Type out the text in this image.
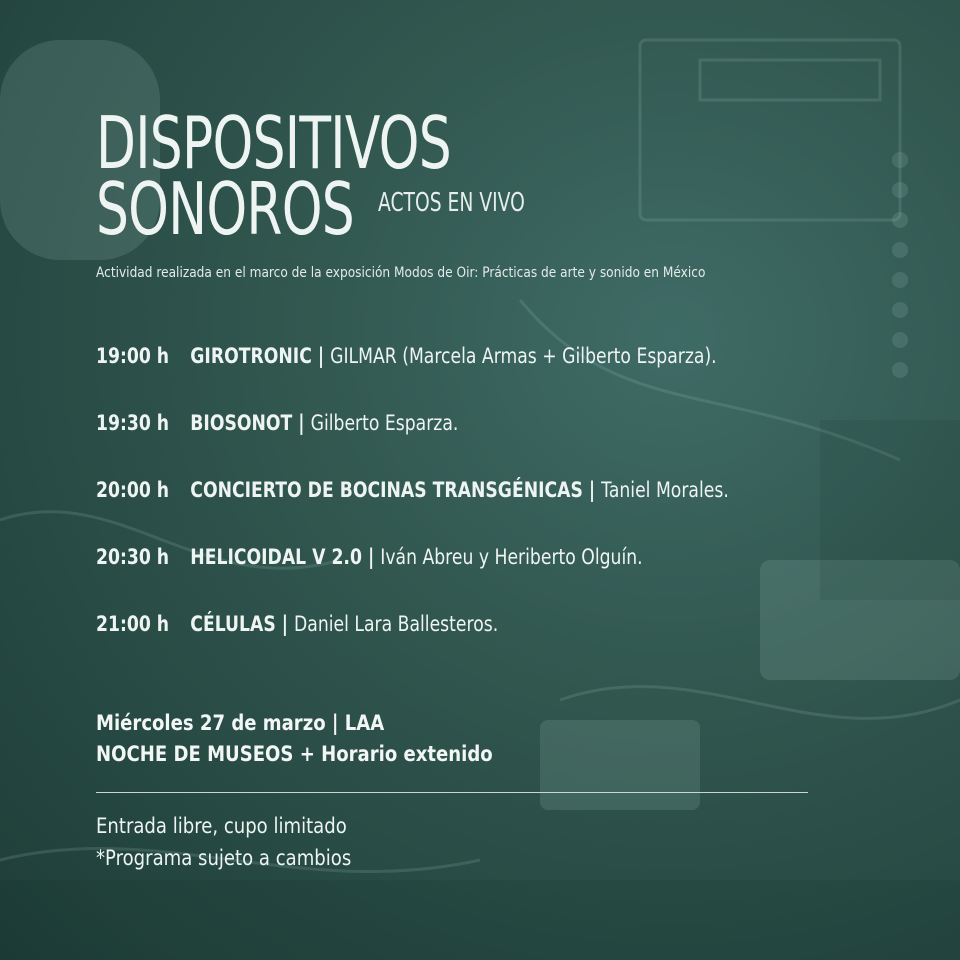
DISPOSITIVOS
SONOROS ACTOS EN VIVO
Actividad realizada en el marco de la exposición Modos de Oir: Prácticas de arte y sonido en México
19:00 h GIROTRONIC | GILMAR (Marcela Armas + Gilberto Esparza).
19:30 h BIOSONOT | Gilberto Esparza.
20:00 h CONCIERTO DE BOCINAS TRANSGÉNICAS | Taniel Morales.
20:30 h HELICOIDAL V 2.0 | Iván Abreu y Heriberto Olguín.
21:00 h CÉLULAS | Daniel Lara Ballesteros.
Miércoles 27 de marzo | LAA
NOCHE DE MUSEOS + Horario extenido
Entrada libre, cupo limitado
*Programa sujeto a cambios
